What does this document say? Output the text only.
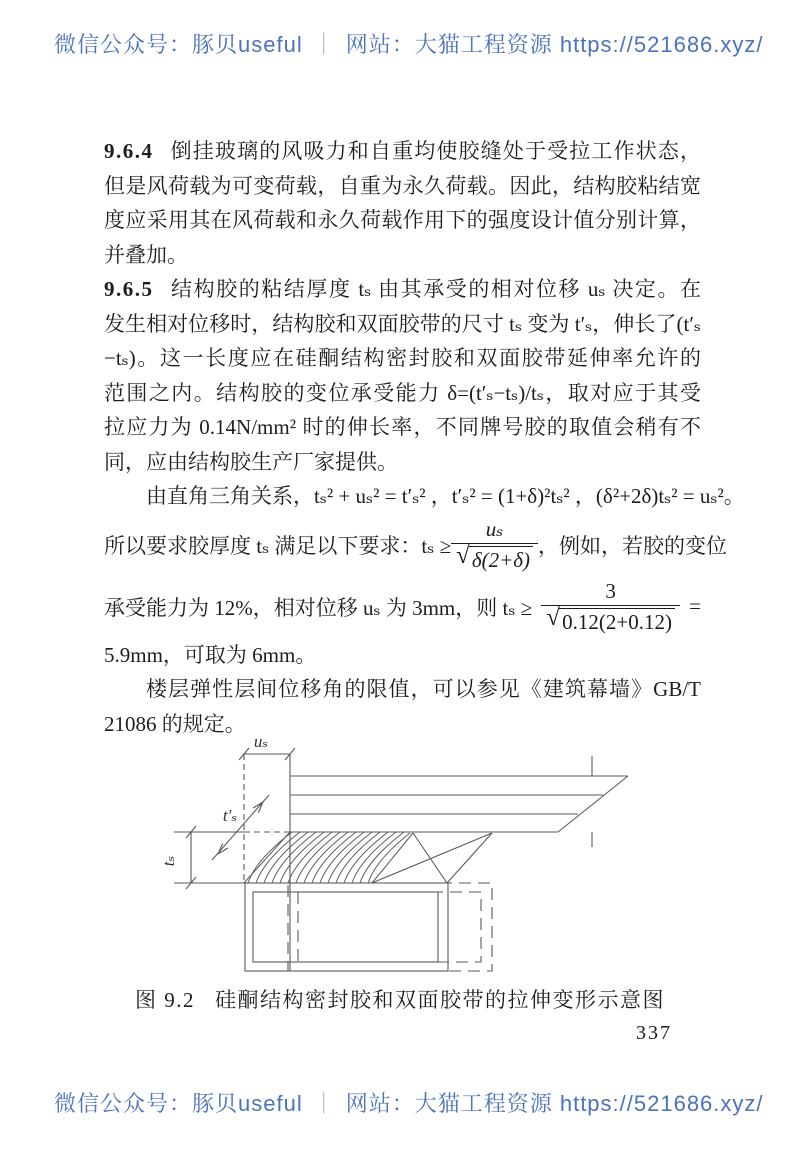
微信公众号：豚贝useful ｜ 网站：大猫工程资源 https://521686.xyz/
9.6.4 倒挂玻璃的风吸力和自重均使胶缝处于受拉工作状态，
但是风荷载为可变荷载，自重为永久荷载。因此，结构胶粘结宽
度应采用其在风荷载和永久荷载作用下的强度设计值分别计算，
并叠加。
9.6.5 结构胶的粘结厚度 tₛ 由其承受的相对位移 uₛ 决定。在
发生相对位移时，结构胶和双面胶带的尺寸 tₛ 变为 t′ₛ，伸长了(t′ₛ
−tₛ)。这一长度应在硅酮结构密封胶和双面胶带延伸率允许的
范围之内。结构胶的变位承受能力 δ=(t′ₛ−tₛ)/tₛ，取对应于其受
拉应力为 0.14N/mm² 时的伸长率，不同牌号胶的取值会稍有不
同，应由结构胶生产厂家提供。
由直角三角关系，tₛ² + uₛ² = t′ₛ² ，t′ₛ² = (1+δ)²tₛ² ，(δ²+2δ)tₛ² = uₛ²。
所以要求胶厚度 tₛ 满足以下要求：$t_s \ge \frac{\text{uₛ}}{√ \delta(2+\delta)}$ ，例如，若胶的变位
承受能力为 12%，相对位移 uₛ 为 3mm，则 $t_s \ge \frac{3}{√ 0.12(2+0.12)}$ =
5.9mm，可取为 6mm。
楼层弹性层间位移角的限值，可以参见《建筑幕墙》GB/T
21086 的规定。
uₛ
t′ₛ
tₛ
图 9.2 硅酮结构密封胶和双面胶带的拉伸变形示意图
337
微信公众号：豚贝useful ｜ 网站：大猫工程资源 https://521686.xyz/
